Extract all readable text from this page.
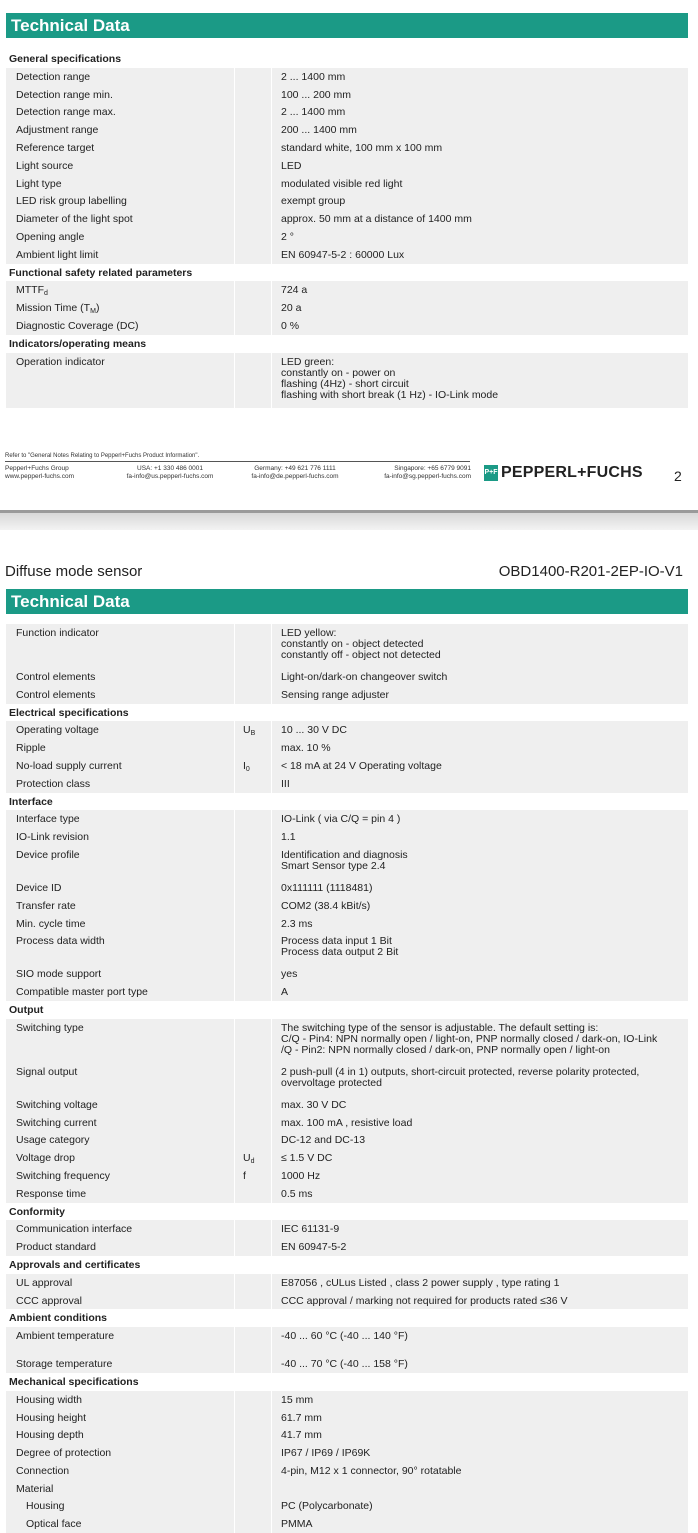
Technical Data
General specifications
Detection range	2 ... 1400 mm
Detection range min.	100 ... 200 mm
Detection range max.	2 ... 1400 mm
Adjustment range	200 ... 1400 mm
Reference target	standard white, 100 mm x 100 mm
Light source	LED
Light type	modulated visible red light
LED risk group labelling	exempt group
Diameter of the light spot	approx. 50 mm at a distance of 1400 mm
Opening angle	2 °
Ambient light limit	EN 60947-5-2 : 60000 Lux
Functional safety related parameters
$MTTF_d$	724 a
Mission Time $(T_M)$	20 a
Diagnostic Coverage (DC)	0 %
Indicators/operating means
Operation indicator	LED green:
constantly on - power on
flashing (4Hz) - short circuit
flashing with short break (1 Hz) - IO-Link mode
Refer to "General Notes Relating to Pepperl+Fuchs Product Information".
Pepperl+Fuchs Group
www.pepperl-fuchs.com
USA: +1 330 486 0001
fa-info@us.pepperl-fuchs.com
Germany: +49 621 776 1111
fa-info@de.pepperl-fuchs.com
Singapore: +65 6779 9091
fa-info@sg.pepperl-fuchs.com
P+F PEPPERL+FUCHS 2
Diffuse mode sensor	OBD1400-R201-2EP-IO-V1
Technical Data
Function indicator	LED yellow:
constantly on - object detected
constantly off - object not detected
Control elements	Light-on/dark-on changeover switch
Control elements	Sensing range adjuster
Electrical specifications
Operating voltage	$U_B$ 10 ... 30 V DC
Ripple	max. 10 %
No-load supply current	$I_0$	< 18 mA at 24 V Operating voltage
Protection class	III
Interface
Interface type	IO-Link ( via C/Q = pin 4 )
IO-Link revision	1.1
Device profile	Identification and diagnosis
Smart Sensor type 2.4
Device ID	0x111111 (1118481)
Transfer rate	COM2 (38.4 kBit/s)
Min. cycle time	2.3 ms
Process data width	Process data input 1 Bit
Process data output 2 Bit
SIO mode support	yes
Compatible master port type	A
Output
Switching type	The switching type of the sensor is adjustable. The default setting is:
C/Q - Pin4: NPN normally open / light-on, PNP normally closed / dark-on, IO-Link
/Q - Pin2: NPN normally closed / dark-on, PNP normally open / light-on
Signal output	2 push-pull (4 in 1) outputs, short-circuit protected, reverse polarity protected,
overvoltage protected
Switching voltage	max. 30 V DC
Switching current	max. 100 mA , resistive load
Usage category	DC-12 and DC-13
Voltage drop	$U_d$	≤ 1.5 V DC
Switching frequency	f	1000 Hz
Response time	0.5 ms
Conformity
Communication interface	IEC 61131-9
Product standard	EN 60947-5-2
Approvals and certificates
UL approval	E87056 , cULus Listed , class 2 power supply , type rating 1
CCC approval	CCC approval / marking not required for products rated ≤36 V
Ambient conditions
Ambient temperature	-40 ... 60 °C (-40 ... 140 °F)
Storage temperature	-40 ... 70 °C (-40 ... 158 °F)
Mechanical specifications
Housing width	15 mm
Housing height	61.7 mm
Housing depth	41.7 mm
Degree of protection	IP67 / IP69 / IP69K
Connection	4-pin, M12 x 1 connector, 90° rotatable
Material
Housing	PC (Polycarbonate)
Optical face	PMMA
